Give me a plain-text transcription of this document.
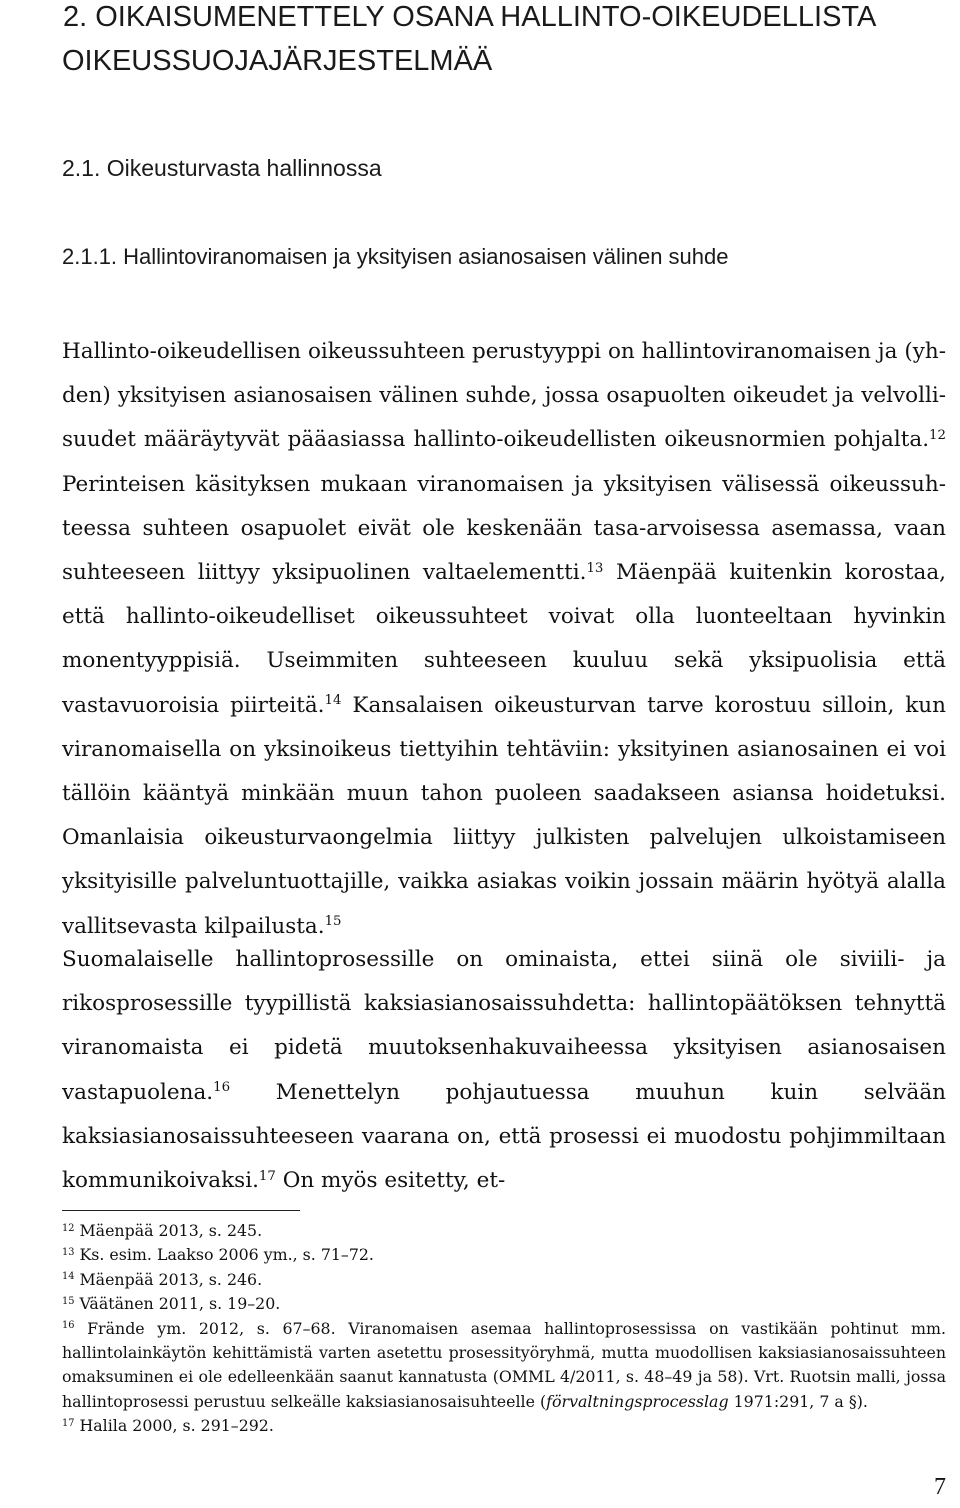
2. OIKAISUMENETTELY OSANA HALLINTO-OIKEUDELLISTA
OIKEUSSUOJAJÄRJESTELMÄÄ
2.1. Oikeusturvasta hallinnossa
2.1.1. Hallintoviranomaisen ja yksityisen asianosaisen välinen suhde

Hallinto-oikeudellisen oikeussuhteen perustyyppi on hallintoviranomaisen ja (yhden) yksityisen asianosaisen välinen suhde, jossa osapuolten oikeudet ja velvollisuudet määräytyvät pääasiassa hallinto-oikeudellisten oikeusnormien pohjalta.$^{12}$ Perinteisen käsityksen mukaan viranomaisen ja yksityisen välisessä oikeussuhteessa suhteen osapuolet eivät ole keskenään tasa-arvoisessa asemassa, vaan suhteeseen liittyy yksipuolinen valtaelementti.$^{13}$ Mäenpää kuitenkin korostaa, että hallinto-oikeudelliset oikeussuhteet voivat olla luonteeltaan hyvinkin monentyyppisiä. Useimmiten suhteeseen kuuluu sekä yksipuolisia että vastavuoroisia piirteitä.$^{14}$ Kansalaisen oikeusturvan tarve korostuu silloin, kun viranomaisella on yksinoikeus tiettyihin tehtäviin: yksityinen asianosainen ei voi tällöin kääntyä minkään muun tahon puoleen saadakseen asiansa hoidetuksi. Omanlaisia oikeusturvaongelmia liittyy julkisten palvelujen ulkoistamiseen yksityisille palveluntuottajille, vaikka asiakas voikin jossain määrin hyötyä alalla vallitsevasta kilpailusta.$^{15}$

Suomalaiselle hallintoprosessille on ominaista, ettei siinä ole siviili- ja rikosprosessille tyypillistä kaksiasianosaissuhdetta: hallintopäätöksen tehnyttä viranomaista ei pidetä muutoksenhakuvaiheessa yksityisen asianosaisen vastapuolena.$^{16}$ Menettelyn pohjautuessa muuhun kuin selvään kaksiasianosaissuhteeseen vaarana on, että prosessi ei muodostu pohjimmiltaan kommunikoivaksi.$^{17}$ On myös esitetty, et-

$^{12}$ Mäenpää 2013, s. 245.
$^{13}$ Ks. esim. Laakso 2006 ym., s. 71–72.
$^{14}$ Mäenpää 2013, s. 246.
$^{15}$ Väätänen 2011, s. 19–20.
$^{16}$ Frände ym. 2012, s. 67–68. Viranomaisen asemaa hallintoprosessissa on vastikään pohtinut mm. hallintolainkäytön kehittämistä varten asetettu prosessityöryhmä, mutta muodollisen kaksiasianosaissuhteen omaksuminen ei ole edelleenkään saanut kannatusta (OMML 4/2011, s. 48–49 ja 58). Vrt. Ruotsin malli, jossa hallintoprosessi perustuu selkeälle kaksiasianosaisuhteelle (förvaltningsprocesslag 1971:291, 7 a §).
$^{17}$ Halila 2000, s. 291–292.
7
